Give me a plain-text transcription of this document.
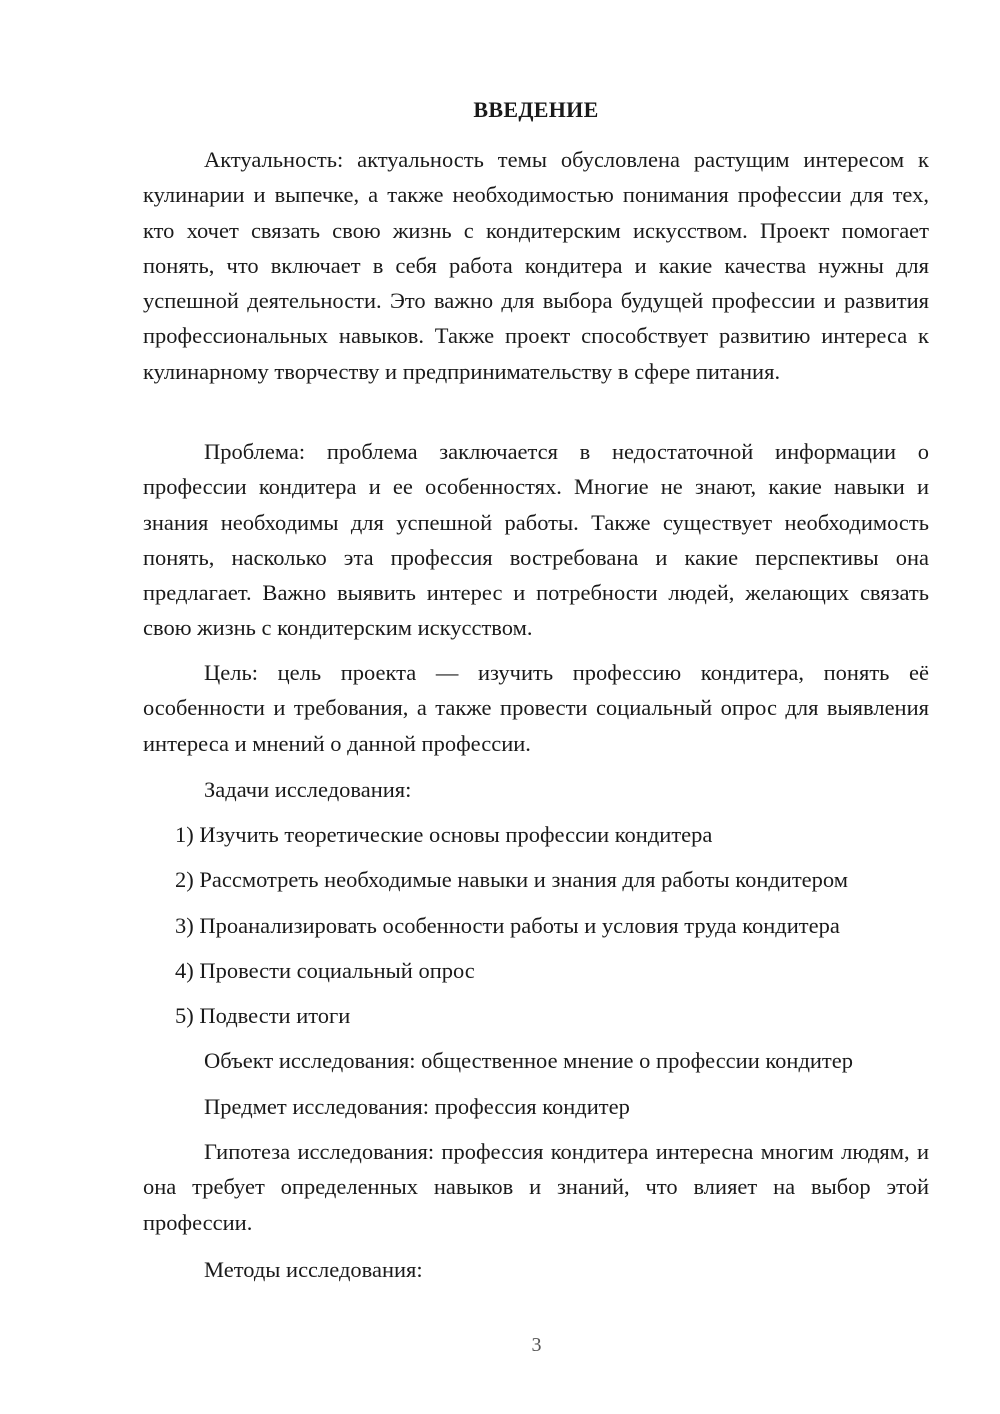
ВВЕДЕНИЕ

Актуальность: актуальность темы обусловлена растущим интересом к кулинарии и выпечке, а также необходимостью понимания профессии для тех, кто хочет связать свою жизнь с кондитерским искусством. Проект помогает понять, что включает в себя работа кондитера и какие качества нужны для успешной деятельности. Это важно для выбора будущей профессии и развития профессиональных навыков. Также проект способствует развитию интереса к кулинарному творчеству и предпринимательству в сфере питания.

Проблема: проблема заключается в недостаточной информации о профессии кондитера и ее особенностях. Многие не знают, какие навыки и знания необходимы для успешной работы. Также существует необходимость понять, насколько эта профессия востребована и какие перспективы она предлагает. Важно выявить интерес и потребности людей, желающих связать свою жизнь с кондитерским искусством.

Цель: цель проекта — изучить профессию кондитера, понять её особенности и требования, а также провести социальный опрос для выявления интереса и мнений о данной профессии.

Задачи исследования:

1) Изучить теоретические основы профессии кондитера

2) Рассмотреть необходимые навыки и знания для работы кондитером

3) Проанализировать особенности работы и условия труда кондитера

4) Провести социальный опрос

5) Подвести итоги

Объект исследования: общественное мнение о профессии кондитер

Предмет исследования: профессия кондитер

Гипотеза исследования: профессия кондитера интересна многим людям, и она требует определенных навыков и знаний, что влияет на выбор этой профессии.

Методы исследования:

3
